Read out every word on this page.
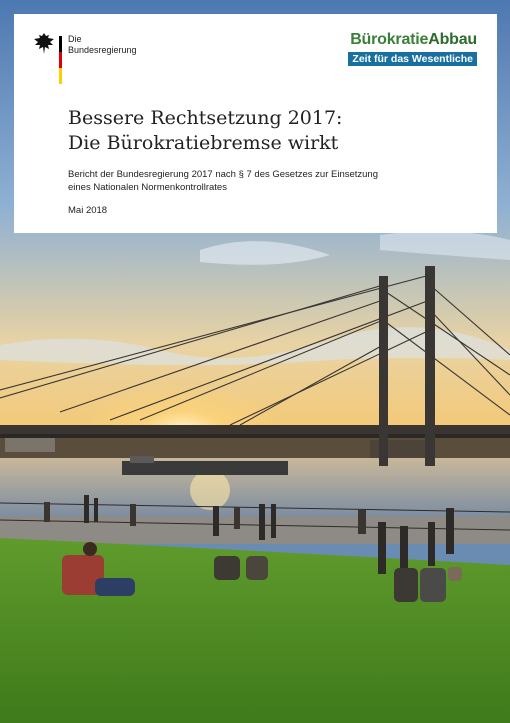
Die
Bundesregierung
BürokratieAbbau
Zeit für das Wesentliche
Bessere Rechtsetzung 2017:
Die Bürokratiebremse wirkt
Bericht der Bundesregierung 2017 nach § 7 des Gesetzes zur Einsetzung
eines Nationalen Normenkontrollrates
Mai 2018
